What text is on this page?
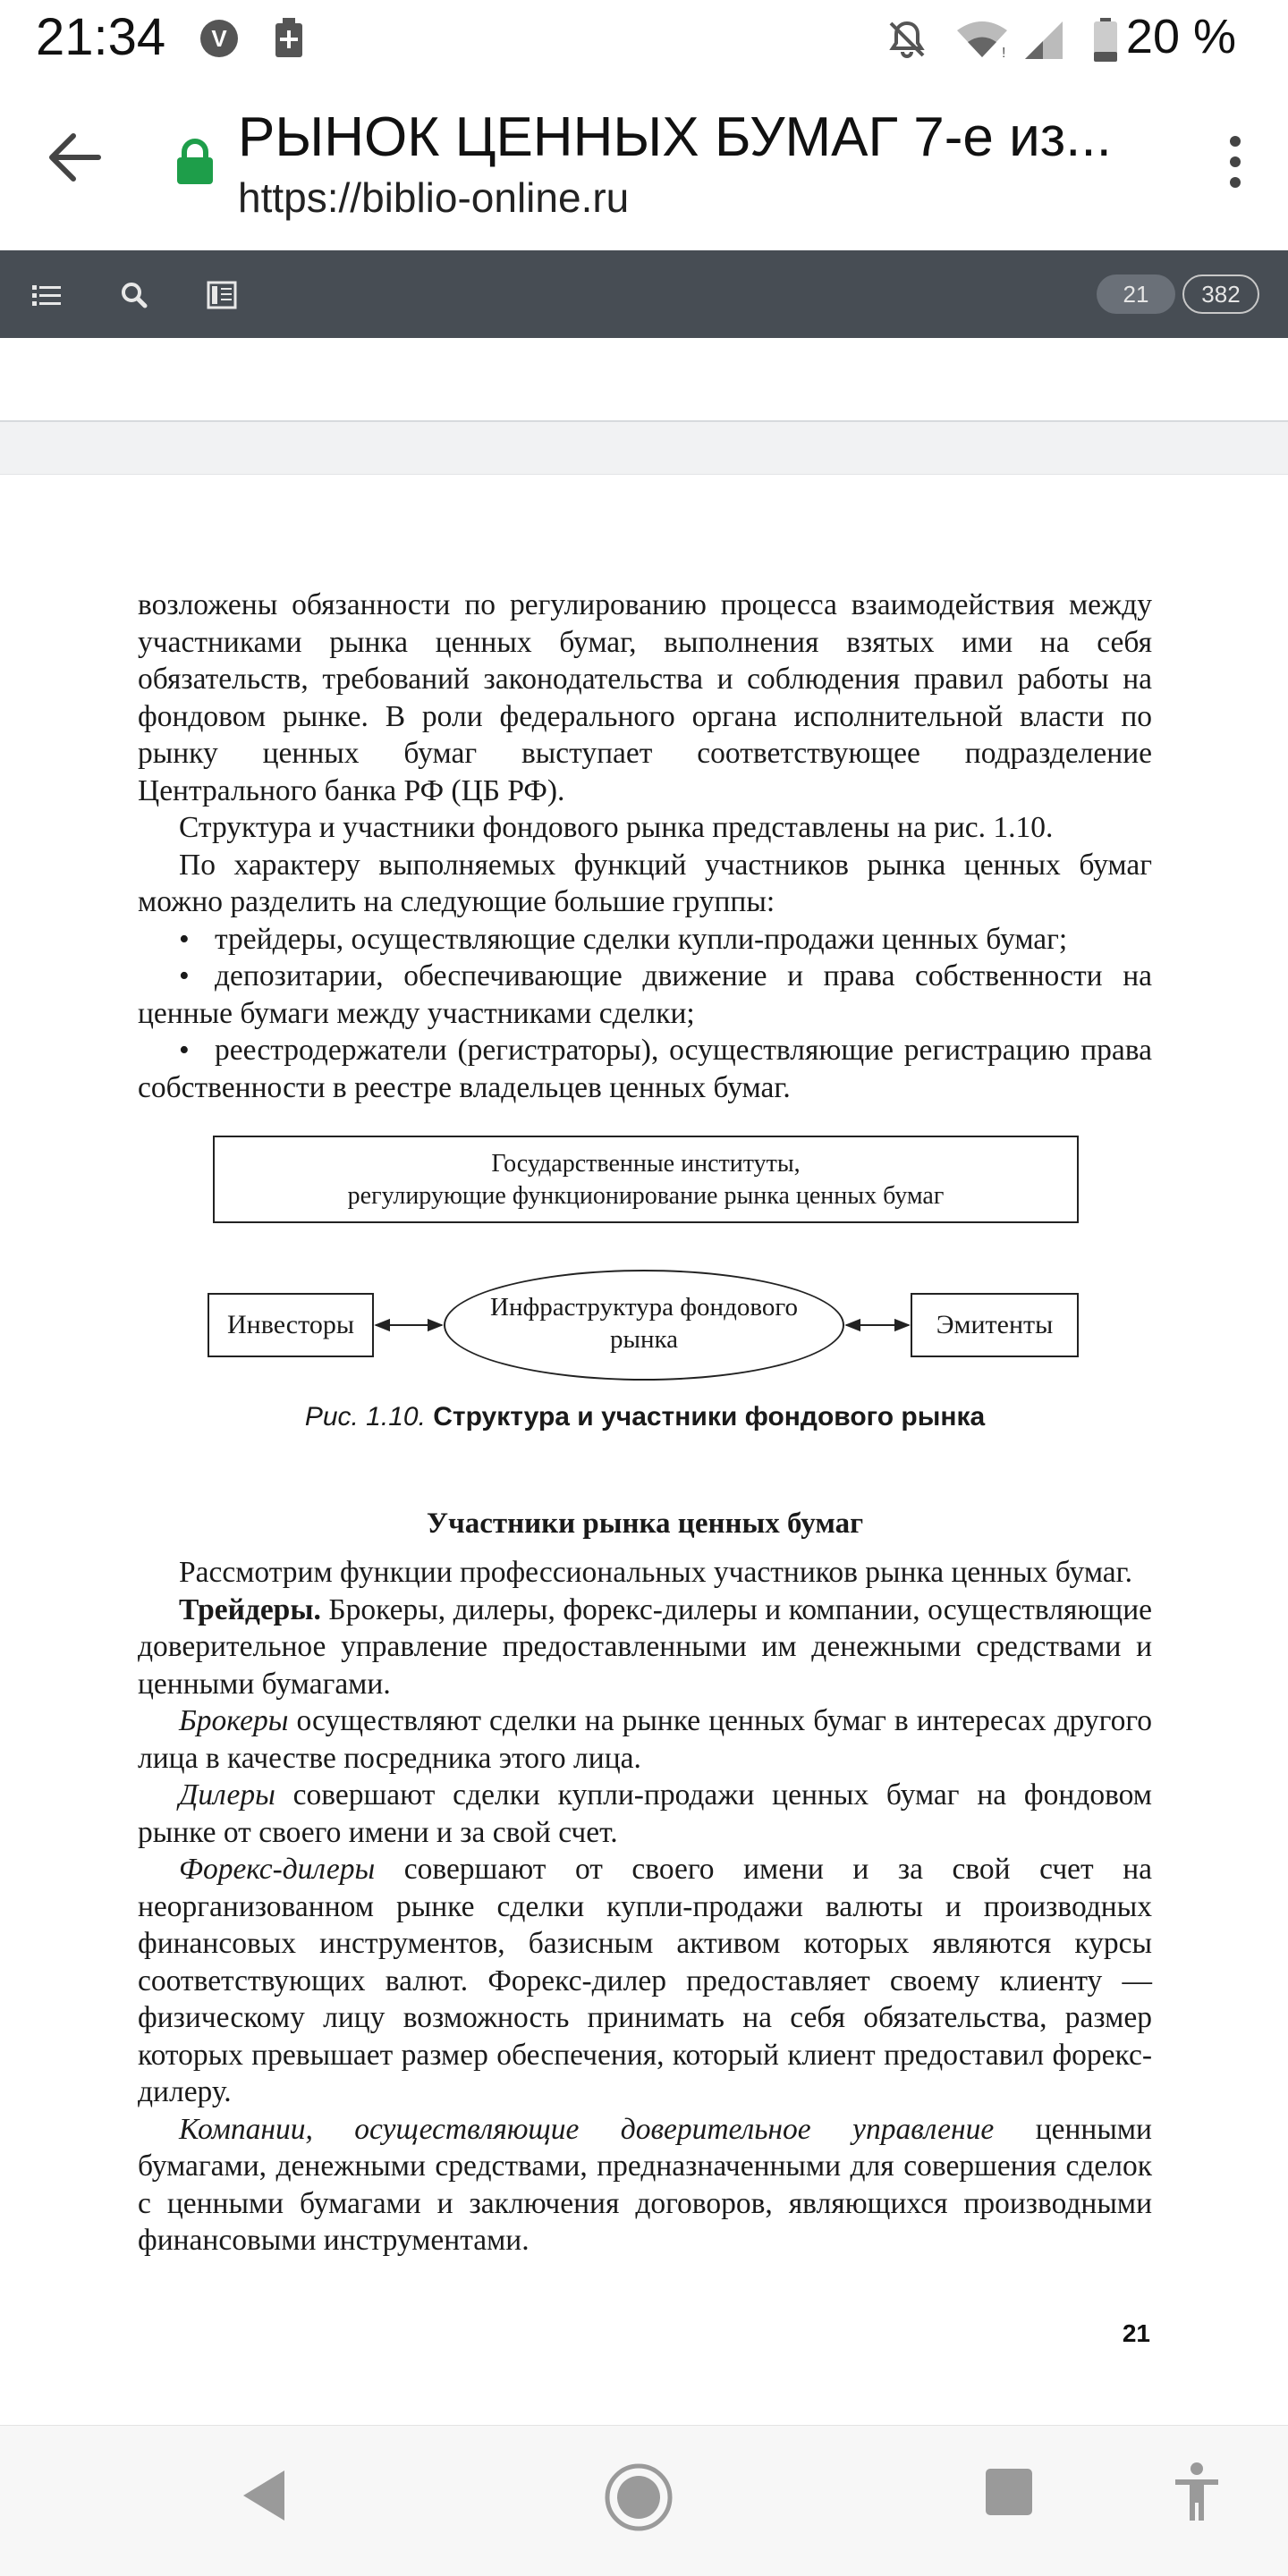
21:34 V
! 20 %
РЫНОК ЦЕННЫХ БУМАГ 7-е из...
https://biblio-online.ru
21	382

возложены обязанности по регулированию процесса взаимодействия между участниками рынка ценных бумаг, выполнения взятых ими на себя обязательств, требований законодательства и соблюдения правил работы на фондовом рынке. В роли федерального органа исполнительной власти по рынку ценных бумаг выступает соответствующее подразделение Центрального банка РФ (ЦБ РФ).

Структура и участники фондового рынка представлены на рис. 1.10.

По характеру выполняемых функций участников рынка ценных бумаг можно разделить на следующие большие группы:

• трейдеры, осуществляющие сделки купли-продажи ценных бумаг;

• депозитарии, обеспечивающие движение и права собственности на ценные бумаги между участниками сделки;

• реестродержатели (регистраторы), осуществляющие регистрацию права собственности в реестре владельцев ценных бумаг.

Государственные институты,
регулирующие функционирование рынка ценных бумаг
Инвесторы
Инфраструктура фондового
рынка	Эмитенты
Рис. 1.10. Структура и участники фондового рынка
Участники рынка ценных бумаг

Рассмотрим функции профессиональных участников рынка ценных бумаг.

Трейдеры. Брокеры, дилеры, форекс-дилеры и компании, осуществляющие доверительное управление предоставленными им денежными средствами и ценными бумагами.

Брокеры осуществляют сделки на рынке ценных бумаг в интересах другого лица в качестве посредника этого лица.

Дилеры совершают сделки купли-продажи ценных бумаг на фондовом рынке от своего имени и за свой счет.

Форекс-дилеры совершают от своего имени и за свой счет на неорганизованном рынке сделки купли-продажи валюты и производных финансовых инструментов, базисным активом которых являются курсы соответствующих валют. Форекс-дилер предоставляет своему клиенту — физическому лицу возможность принимать на себя обязательства, размер которых превышает размер обеспечения, который клиент предоставил форекс-дилеру.

Компании, осуществляющие доверительное управление ценными бумагами, денежными средствами, предназначенными для совершения сделок с ценными бумагами и заключения договоров, являющихся производными финансовыми инструментами.

21
